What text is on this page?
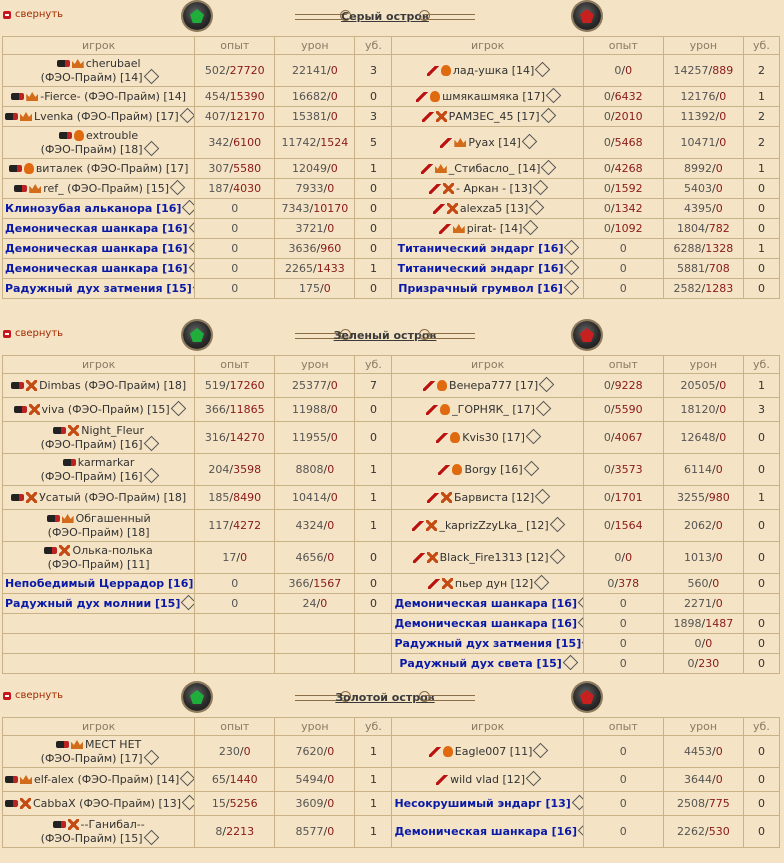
свернуть	Серый остров
игрок	опыт	урон	уб.	игрок	опыт	урон	уб.
cherubael
(ФЭО-Прайм) [14]	502/27720	22141/0	3	лад-ушка [14]	0/0	14257/889	2
-Fierce- (ФЭО-Прайм) [14]	454/15390	16682/0	0	шмякашмяка [17]	0/6432	12176/0	1
Lvenka (ФЭО-Прайм) [17]	407/12170	15381/0	3	РАМЗЕС_45 [17]	0/2010	11392/0	2
extrouble
(ФЭО-Прайм) [18]	342/6100	11742/1524	5	Pyax [14]	0/5468	10471/0	2
виталек (ФЭО-Прайм) [17]	307/5580	12049/0	1	_Стибасло_ [14]	0/4268	8992/0	1
ref_ (ФЭО-Прайм) [15]	187/4030	7933/0	0	- Аркан - [13]	0/1592	5403/0	0
Клинозубая альканора [16]	0	7343/10170	0	alexza5 [13]	0/1342	4395/0	0
Демоническая шанкара [16]	0	3721/0	0	pirat- [14]	0/1092	1804/782	0
Демоническая шанкара [16]	0	3636/960	0	Титанический эндарг [16]	0	6288/1328	1
Демоническая шанкара [16]	0	2265/1433	1	Титанический эндарг [16]	0	5881/708	0
Радужный дух затмения [15]	0	175/0	0	Призрачный грумвол [16]	0	2582/1283	0
свернуть	Зеленый остров
игрок	опыт	урон	уб.	игрок	опыт	урон	уб.
Dimbas (ФЭО-Прайм) [18]	519/17260	25377/0	7	Венера777 [17]	0/9228	20505/0	1
viva (ФЭО-Прайм) [15]	366/11865	11988/0	0	_ГОРНЯК_ [17]	0/5590	18120/0	3
Night_Fleur
(ФЭО-Прайм) [16]	316/14270	11955/0	0	Kvis30 [17]	0/4067	12648/0	0
karmarkar
(ФЭО-Прайм) [16]	204/3598	8808/0	1	Borgy [16]	0/3573	6114/0	0
Усатый (ФЭО-Прайм) [18]	185/8490	10414/0	1	Барвиста [12]	0/1701	3255/980	1
Обгашенный
(ФЭО-Прайм) [18]	117/4272	4324/0	1	_kaprizZzyLka_ [12]	0/1564	2062/0	0
Олька-полька
(ФЭО-Прайм) [11]	17/0	4656/0	0	Black_Fire1313 [12]	0/0	1013/0	0
Непобедимый Церрадор [16]	0	366/1567	0	пьер дун [12]	0/378	560/0	0
Радужный дух молнии [15]	0	24/0	0	Демоническая шанкара [16]	0	2271/0	
				Демоническая шанкара [16]	0	1898/1487	0
				Радужный дух затмения [15]	0	0/0	0
				Радужный дух света [15]	0	0/230	0
свернуть	Золотой остров
игрок	опыт	урон	уб.	игрок	опыт	урон	уб.
МЕСТ НЕТ
(ФЭО-Прайм) [17]	230/0	7620/0	1	Eagle007 [11]	0	4453/0	0
elf-alex (ФЭО-Прайм) [14]	65/1440	5494/0	1	wild vlad [12]	0	3644/0	0
CabbaX (ФЭО-Прайм) [13]	15/5256	3609/0	1	Несокрушимый эндарг [13]	0	2508/775	0
--Ганибал--
(ФЭО-Прайм) [15]	8/2213	8577/0	1	Демоническая шанкара [16]	0	2262/530	0
